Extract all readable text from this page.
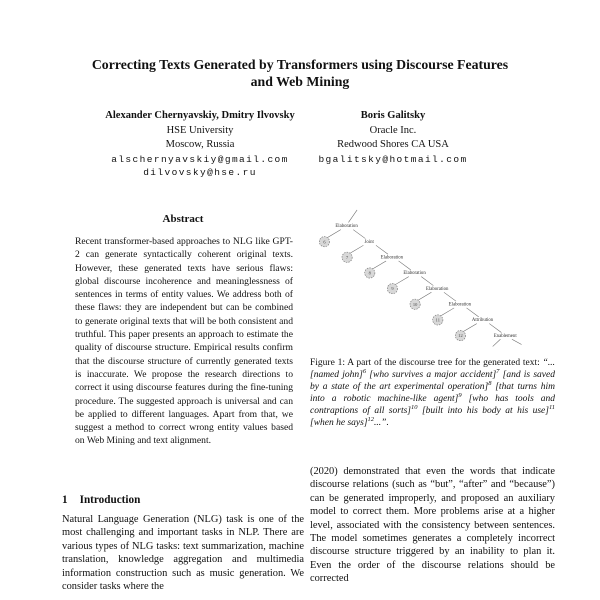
Correcting Texts Generated by Transformers using Discourse Features
and Web Mining
Alexander Chernyavskiy, Dmitry Ilvovsky
HSE University
Moscow, Russia
alschernyavskiy@gmail.com
dilvovsky@hse.ru
Boris Galitsky
Oracle Inc.
Redwood Shores CA USA
bgalitsky@hotmail.com
Abstract
Recent transformer-based approaches to NLG like GPT-2 can generate syntactically coherent original texts. However, these generated texts have serious flaws: global discourse incoherence and meaninglessness of sentences in terms of entity values. We address both of these flaws: they are independent but can be combined to generate original texts that will be both consistent and truthful. This paper presents an approach to estimate the quality of discourse structure. Empirical results confirm that the discourse structure of currently generated texts is inaccurate. We propose the research directions to correct it using discourse features during the fine-tuning procedure. The suggested approach is universal and can be applied to different languages. Apart from that, we suggest a method to correct wrong entity values based on Web Mining and text alignment.
1 Introduction
Natural Language Generation (NLG) task is one of the most challenging and important tasks in NLP. There are various types of NLG tasks: text summarization, machine translation, knowledge aggregation and multimedia information construction such as music generation. We consider tasks where the
Elaboration
6	Joint
7	Elaboration
8	Elaboration
9	Elaboration
10	Elaboration
11	Attribution
12	Enablement
Figure 1: A part of the discourse tree for the generated text: “... [named john]$^6$ [who survives a major accident]$^7$ [and is saved by a state of the art experimental operation]$^8$ [that turns him into a robotic machine-like agent]$^9$ [who has tools and contraptions of all sorts]$^{10}$ [built into his body at his use]$^{11}$ [when he says]$^{12}$...”.
(2020) demonstrated that even the words that indicate discourse relations (such as “but”, “after” and “because”) can be generated improperly, and proposed an auxiliary model to correct them. More problems arise at a higher level, associated with the consistency between sentences. The model sometimes generates a completely incorrect discourse structure triggered by an inability to plan it. Even the order of the discourse relations should be corrected
